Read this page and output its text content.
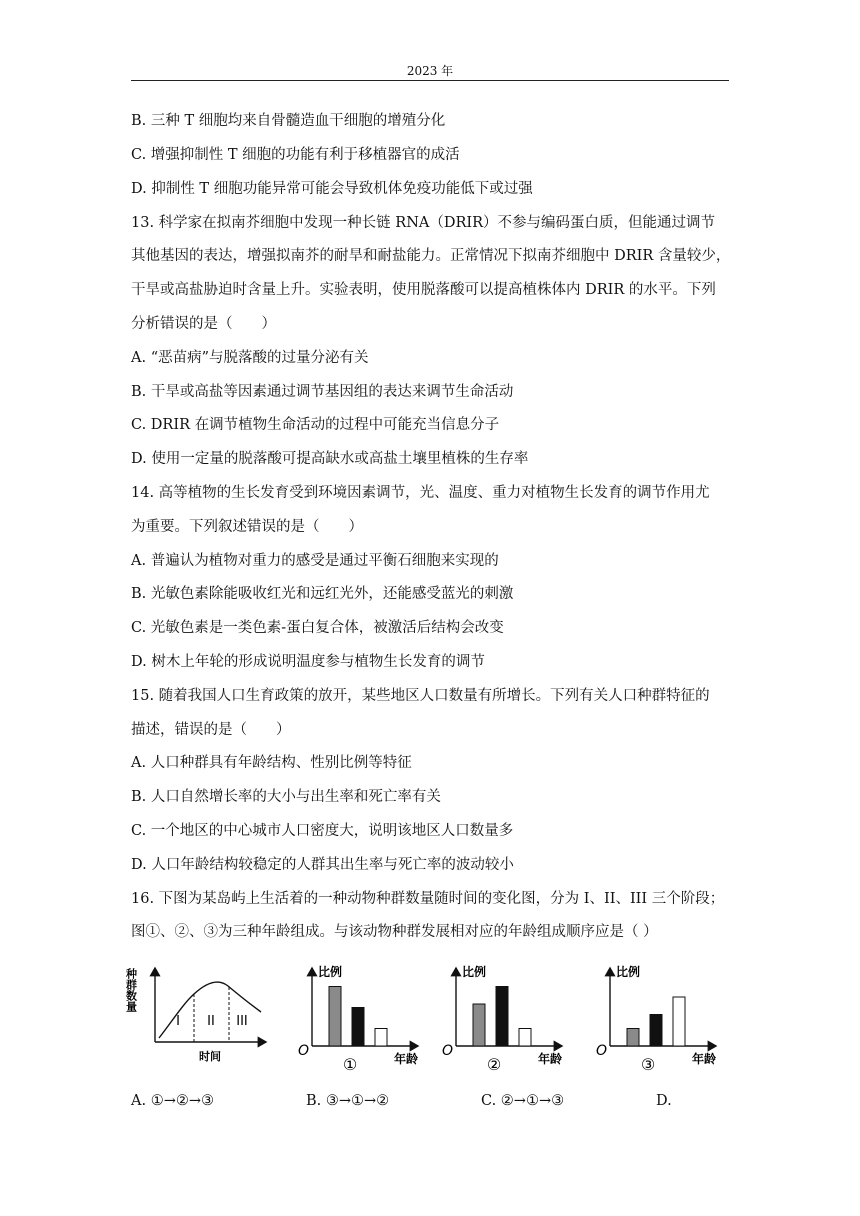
2023 年
B. 三种 T 细胞均来自骨髓造血干细胞的增殖分化
C. 增强抑制性 T 细胞的功能有利于移植器官的成活
D. 抑制性 T 细胞功能异常可能会导致机体免疫功能低下或过强
13. 科学家在拟南芥细胞中发现一种长链 RNA（DRIR）不参与编码蛋白质，但能通过调节
其他基因的表达，增强拟南芥的耐旱和耐盐能力。正常情况下拟南芥细胞中 DRIR 含量较少，
干旱或高盐胁迫时含量上升。实验表明，使用脱落酸可以提高植株体内 DRIR 的水平。下列
分析错误的是（　　）
A. “恶苗病”与脱落酸的过量分泌有关
B. 干旱或高盐等因素通过调节基因组的表达来调节生命活动
C. DRIR 在调节植物生命活动的过程中可能充当信息分子
D. 使用一定量的脱落酸可提高缺水或高盐土壤里植株的生存率
14. 高等植物的生长发育受到环境因素调节，光、温度、重力对植物生长发育的调节作用尤
为重要。下列叙述错误的是（　　）
A. 普遍认为植物对重力的感受是通过平衡石细胞来实现的
B. 光敏色素除能吸收红光和远红光外，还能感受蓝光的刺激
C. 光敏色素是一类色素-蛋白复合体，被激活后结构会改变
D. 树木上年轮的形成说明温度参与植物生长发育的调节
15. 随着我国人口生育政策的放开，某些地区人口数量有所增长。下列有关人口种群特征的
描述，错误的是（　　）
A. 人口种群具有年龄结构、性别比例等特征
B. 人口自然增长率的大小与出生率和死亡率有关
C. 一个地区的中心城市人口密度大，说明该地区人口数量多
D. 人口年龄结构较稳定的人群其出生率与死亡率的波动较小
16. 下图为某岛屿上生活着的一种动物种群数量随时间的变化图，分为 I、II、III 三个阶段；
图①、②、③为三种年龄组成。与该动物种群发展相对应的年龄组成顺序应是（ ）
种群数量
I II III
时间
比例
O	年龄
①
比例
O	年龄
②
比例
O	年龄
③
A. ①→②→③	B. ③→①→②	C. ②→①→③	D.
